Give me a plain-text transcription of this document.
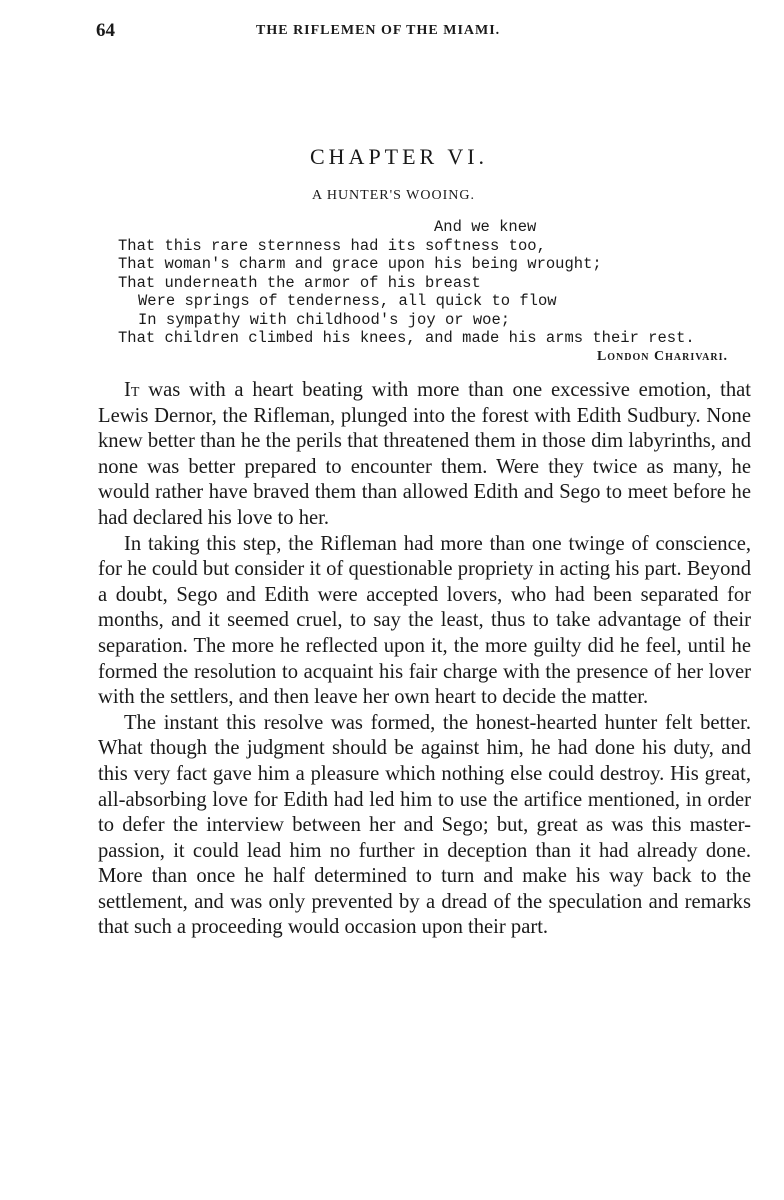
64	THE RIFLEMEN OF THE MIAMI.
CHAPTER VI.
A HUNTER'S WOOING.
And we knew
That this rare sternness had its softness too,
That woman's charm and grace upon his being wrought;
That underneath the armor of his breast
Were springs of tenderness, all quick to flow
In sympathy with childhood's joy or woe;
That children climbed his knees, and made his arms their rest.
London Charivari.

It was with a heart beating with more than one excessive emotion, that Lewis Dernor, the Rifleman, plunged into the forest with Edith Sudbury. None knew better than he the perils that threatened them in those dim labyrinths, and none was better prepared to encounter them. Were they twice as many, he would rather have braved them than allowed Edith and Sego to meet before he had declared his love to her.

In taking this step, the Rifleman had more than one twinge of conscience, for he could but consider it of questionable propriety in acting his part. Beyond a doubt, Sego and Edith were accepted lovers, who had been separated for months, and it seemed cruel, to say the least, thus to take advantage of their separation. The more he reflected upon it, the more guilty did he feel, until he formed the resolution to acquaint his fair charge with the presence of her lover with the settlers, and then leave her own heart to decide the matter.

The instant this resolve was formed, the honest-hearted hunter felt better. What though the judgment should be against him, he had done his duty, and this very fact gave him a pleasure which nothing else could destroy. His great, all-absorbing love for Edith had led him to use the artifice mentioned, in order to defer the interview between her and Sego; but, great as was this master-passion, it could lead him no further in deception than it had already done. More than once he half determined to turn and make his way back to the settlement, and was only prevented by a dread of the speculation and remarks that such a proceeding would occasion upon their part.
